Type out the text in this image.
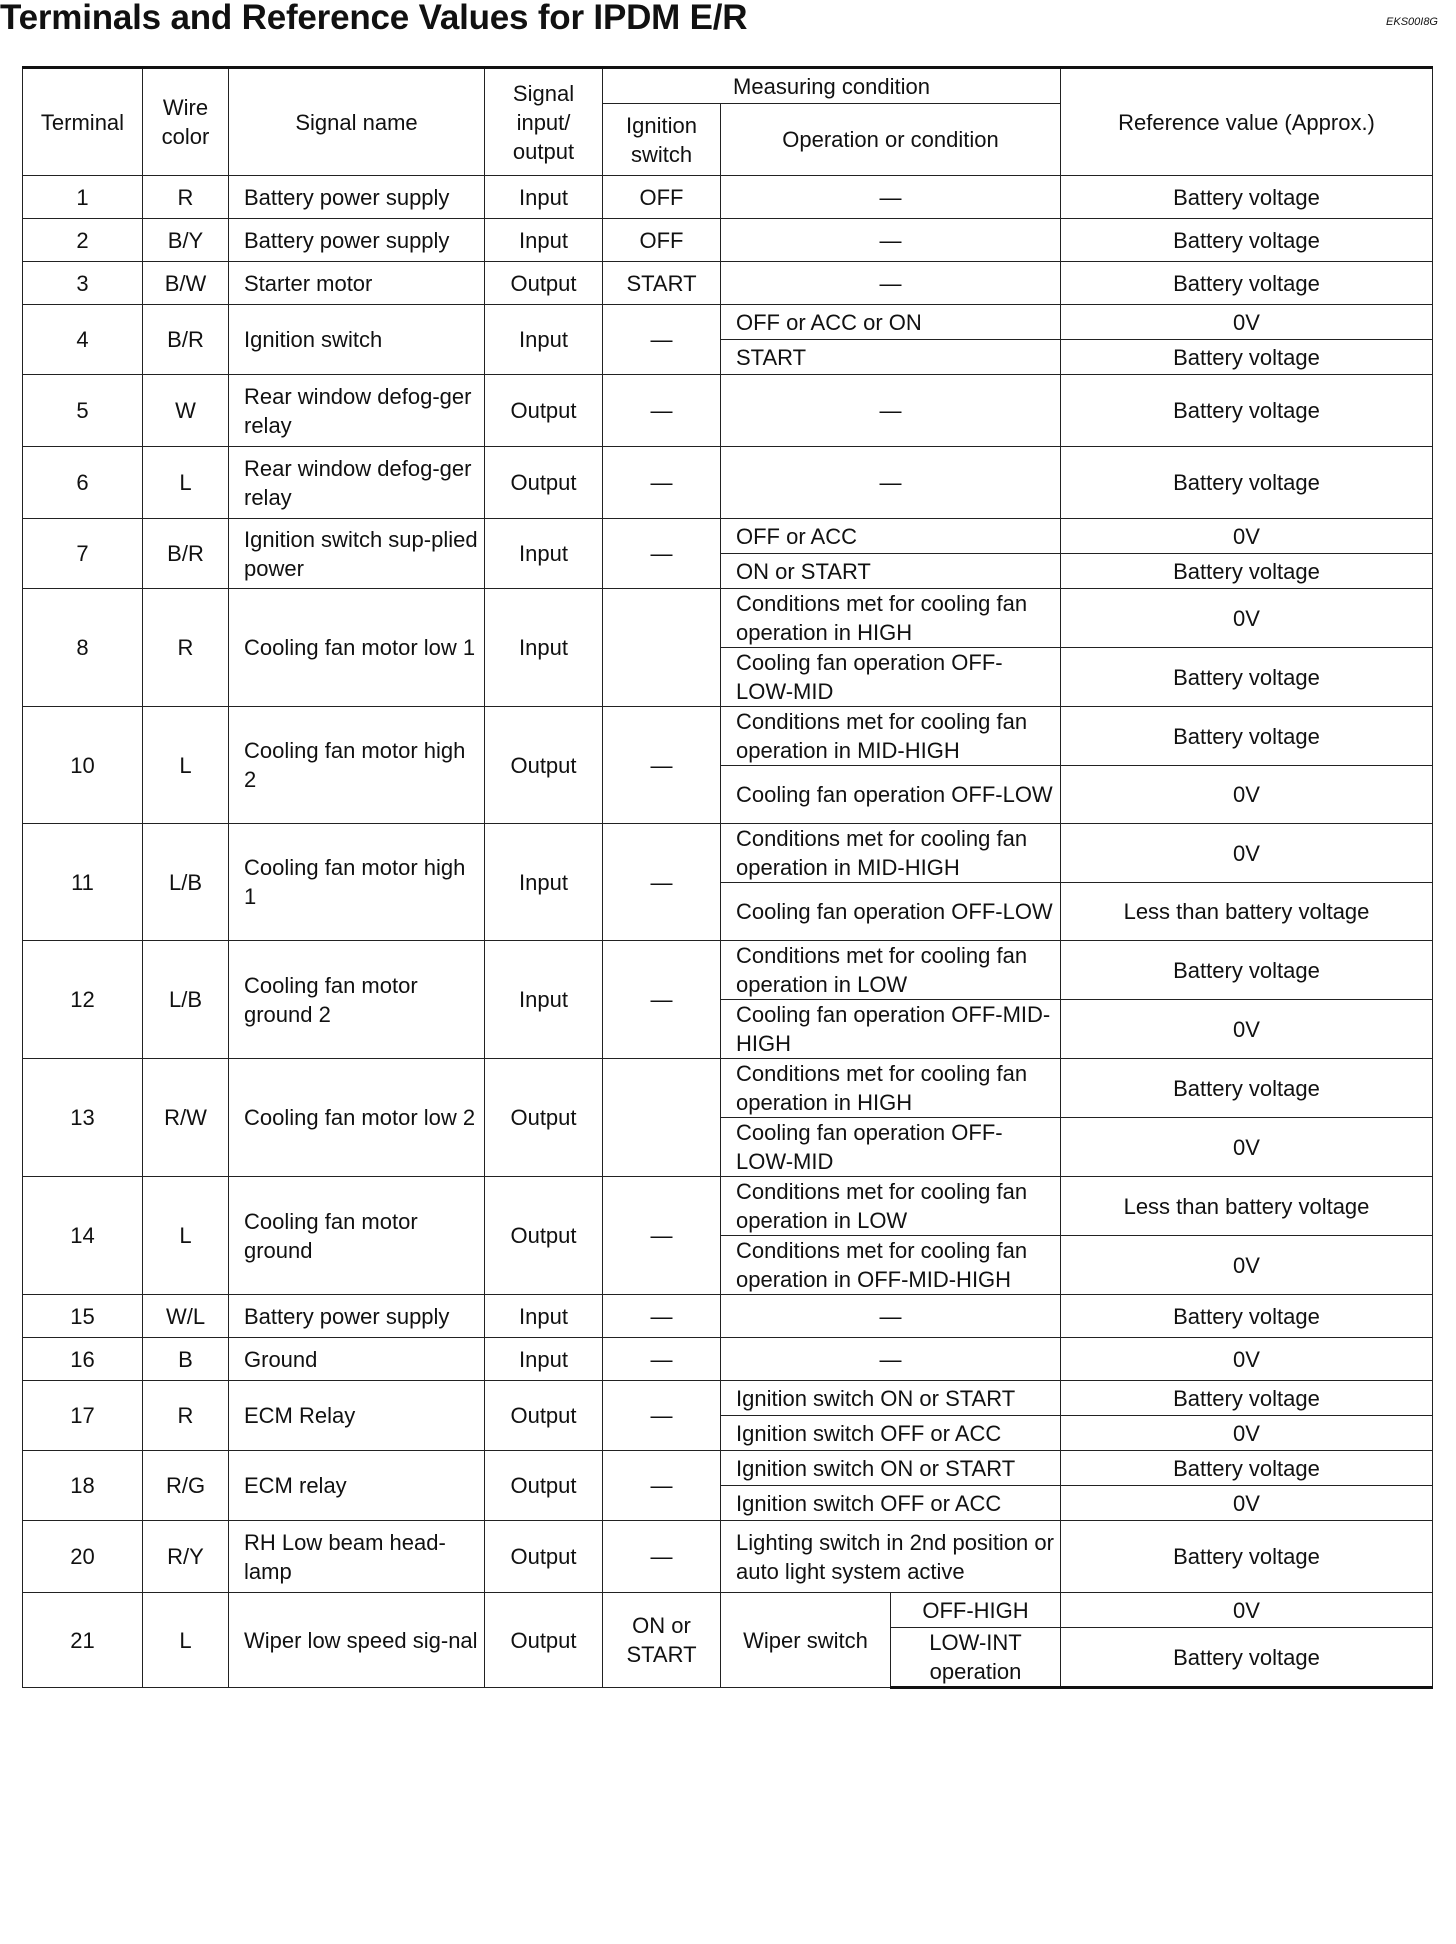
Terminals and Reference Values for IPDM E/R	EKS00I8G
Terminal	Wire color	Signal name	Signal input/ output	Measuring condition			Reference value (Approx.)
				Ignition switch	Operation or condition		
1	R	Battery power supply	Input	OFF	—		Battery voltage
2	B/Y	Battery power supply	Input	OFF	—		Battery voltage
3	B/W	Starter motor	Output	START	—		Battery voltage
4	B/R	Ignition switch	Input	—	OFF or ACC or ON		0V
					START		Battery voltage
5	W	Rear window defog-ger relay	Output	—	—		Battery voltage
6	L	Rear window defog-ger relay	Output	—	—		Battery voltage
7	B/R	Ignition switch sup-plied power	Input	—	OFF or ACC		0V
					ON or START		Battery voltage
8	R	Cooling fan motor low 1	Input		Conditions met for cooling fan operation in HIGH		0V
					Cooling fan operation OFF-LOW-MID		Battery voltage
10	L	Cooling fan motor high 2	Output	—	Conditions met for cooling fan operation in MID-HIGH		Battery voltage
					Cooling fan operation OFF-LOW		0V
11	L/B	Cooling fan motor high 1	Input	—	Conditions met for cooling fan operation in MID-HIGH		0V
					Cooling fan operation OFF-LOW		Less than battery voltage
12	L/B	Cooling fan motor ground 2	Input	—	Conditions met for cooling fan operation in LOW		Battery voltage
					Cooling fan operation OFF-MID-HIGH		0V
13	R/W	Cooling fan motor low 2	Output		Conditions met for cooling fan operation in HIGH		Battery voltage
					Cooling fan operation OFF-LOW-MID		0V
14	L	Cooling fan motor ground	Output	—	Conditions met for cooling fan operation in LOW		Less than battery voltage
					Conditions met for cooling fan operation in OFF-MID-HIGH		0V
15	W/L	Battery power supply	Input	—	—		Battery voltage
16	B	Ground	Input	—	—		0V
17	R	ECM Relay	Output	—	Ignition switch ON or START		Battery voltage
					Ignition switch OFF or ACC		0V
18	R/G	ECM relay	Output	—	Ignition switch ON or START		Battery voltage
					Ignition switch OFF or ACC		0V
20	R/Y	RH Low beam head-lamp	Output	—	Lighting switch in 2nd position or auto light system active		Battery voltage
21	L	Wiper low speed sig-nal	Output	ON or START	Wiper switch	OFF-HIGH	0V
						LOW-INT operation	Battery voltage
